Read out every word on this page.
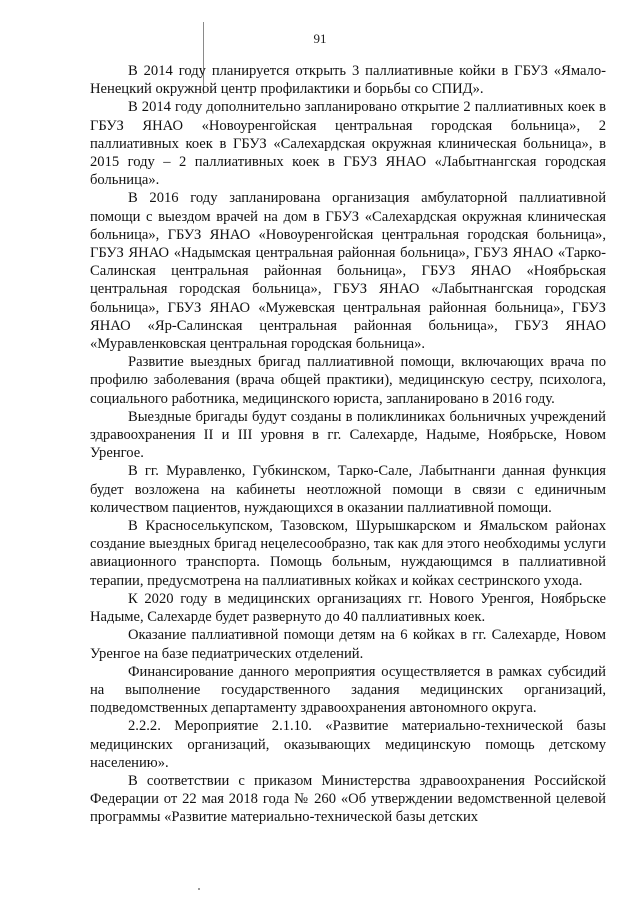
91

В 2014 году планируется открыть 3 паллиативные койки в ГБУЗ «Ямало-Ненецкий окружной центр профилактики и борьбы со СПИД».

В 2014 году дополнительно запланировано открытие 2 паллиативных коек в ГБУЗ ЯНАО «Новоуренгойская центральная городская больница», 2 паллиативных коек в ГБУЗ «Салехардская окружная клиническая больница», в 2015 году – 2 паллиативных коек в ГБУЗ ЯНАО «Лабытнангская городская больница».

В 2016 году запланирована организация амбулаторной паллиативной помощи с выездом врачей на дом в ГБУЗ «Салехардская окружная клиническая больница», ГБУЗ ЯНАО «Новоуренгойская центральная городская больница», ГБУЗ ЯНАО «Надымская центральная районная больница», ГБУЗ ЯНАО «Тарко-Салинская центральная районная больница», ГБУЗ ЯНАО «Ноябрьская центральная городская больница», ГБУЗ ЯНАО «Лабытнангская городская больница», ГБУЗ ЯНАО «Мужевская центральная районная больница», ГБУЗ ЯНАО «Яр-Салинская центральная районная больница», ГБУЗ ЯНАО «Муравленковская центральная городская больница».

Развитие выездных бригад паллиативной помощи, включающих врача по профилю заболевания (врача общей практики), медицинскую сестру, психолога, социального работника, медицинского юриста, запланировано в 2016 году.

Выездные бригады будут созданы в поликлиниках больничных учреждений здравоохранения II и III уровня в гг. Салехарде, Надыме, Ноябрьске, Новом Уренгое.

В гг. Муравленко, Губкинском, Тарко-Сале, Лабытнанги данная функция будет возложена на кабинеты неотложной помощи в связи с единичным количеством пациентов, нуждающихся в оказании паллиативной помощи.

В Красноселькупском, Тазовском, Шурышкарском и Ямальском районах создание выездных бригад нецелесообразно, так как для этого необходимы услуги авиационного транспорта. Помощь больным, нуждающимся в паллиативной терапии, предусмотрена на паллиативных койках и койках сестринского ухода.

К 2020 году в медицинских организациях гг. Нового Уренгоя, Ноябрьске Надыме, Салехарде будет развернуто до 40 паллиативных коек.

Оказание паллиативной помощи детям на 6 койках в гг. Салехарде, Новом Уренгое на базе педиатрических отделений.

Финансирование данного мероприятия осуществляется в рамках субсидий на выполнение государственного задания медицинских организаций, подведомственных департаменту здравоохранения автономного округа.

2.2.2. Мероприятие 2.1.10. «Развитие материально-технической базы медицинских организаций, оказывающих медицинскую помощь детскому населению».

В соответствии с приказом Министерства здравоохранения Российской Федерации от 22 мая 2018 года № 260 «Об утверждении ведомственной целевой программы «Развитие материально-технической базы детских
